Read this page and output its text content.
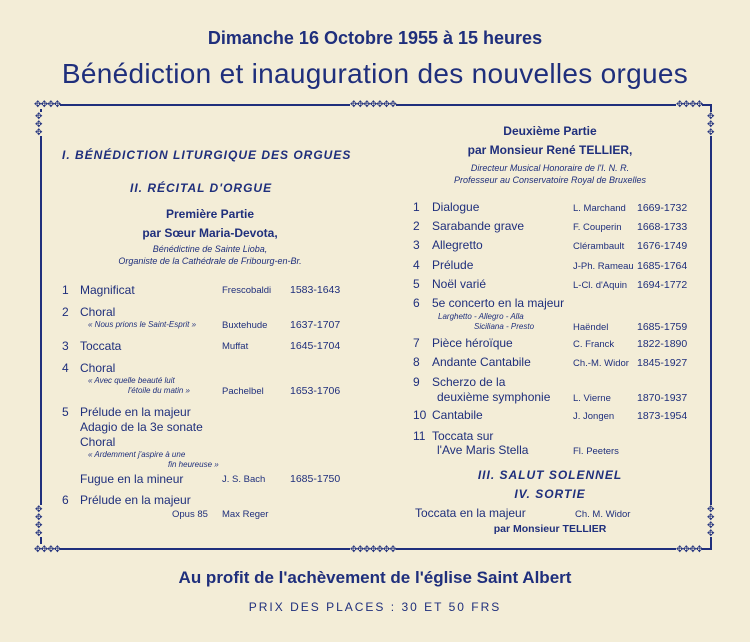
Dimanche 16 Octobre 1955 à 15 heures
Bénédiction et inauguration des nouvelles orgues
✥✥✥✥	✥✥✥✥✥✥✥	✥✥✥✥
✥✥✥✥	✥✥✥✥✥✥✥	✥✥✥✥
✥
✥
✥
✥
✥
✥
✥
✥
✥
✥
✥
✥
✥
✥
I. BÉNÉDICTION LITURGIQUE DES ORGUES
II. RÉCITAL D'ORGUE
Première Partie
par Sœur Maria-Devota,
Bénédictine de Sainte Lioba,
Organiste de la Cathédrale de Fribourg-en-Br.
1 Magnificat	Frescobaldi 1583-1643
2 Choral
« Nous prions le Saint-Esprit »	Buxtehude 1637-1707
3 Toccata	Muffat	1645-1704
4 Choral
« Avec quelle beauté luit
l'étoile du matin »	Pachelbel	1653-1706
5 Prélude en la majeur
Adagio de la 3e sonate
Choral
« Ardemment j'aspire à une
fin heureuse »
Fugue en la mineur	J. S. Bach 1685-1750
6 Prélude en la majeur
Opus 85 Max Reger
Deuxième Partie
par Monsieur René TELLIER,
Directeur Musical Honoraire de l'I. N. R.
Professeur au Conservatoire Royal de Bruxelles
1 Dialogue	L. Marchand 1669-1732
2 Sarabande grave	F. Couperin 1668-1733
3 Allegretto	Clérambault 1676-1749
4 Prélude	J-Ph. Rameau 1685-1764
5 Noël varié	L-Cl. d'Aquin 1694-1772
6 5e concerto en la majeur
Larghetto - Allegro - Alla
Siciliana - Presto	Haëndel	1685-1759
7 Pièce héroïque	C. Franck 1822-1890
8 Andante Cantabile	Ch.-M. Widor 1845-1927
9 Scherzo de la
deuxième symphonie L. Vierne 1870-1937
10 Cantabile	J. Jongen 1873-1954
11 Toccata sur
l'Ave Maris Stella	Fl. Peeters
III. SALUT SOLENNEL
IV. SORTIE
Toccata en la majeur	Ch. M. Widor
par Monsieur TELLIER
Au profit de l'achèvement de l'église Saint Albert
PRIX DES PLACES : 30 ET 50 FRS
